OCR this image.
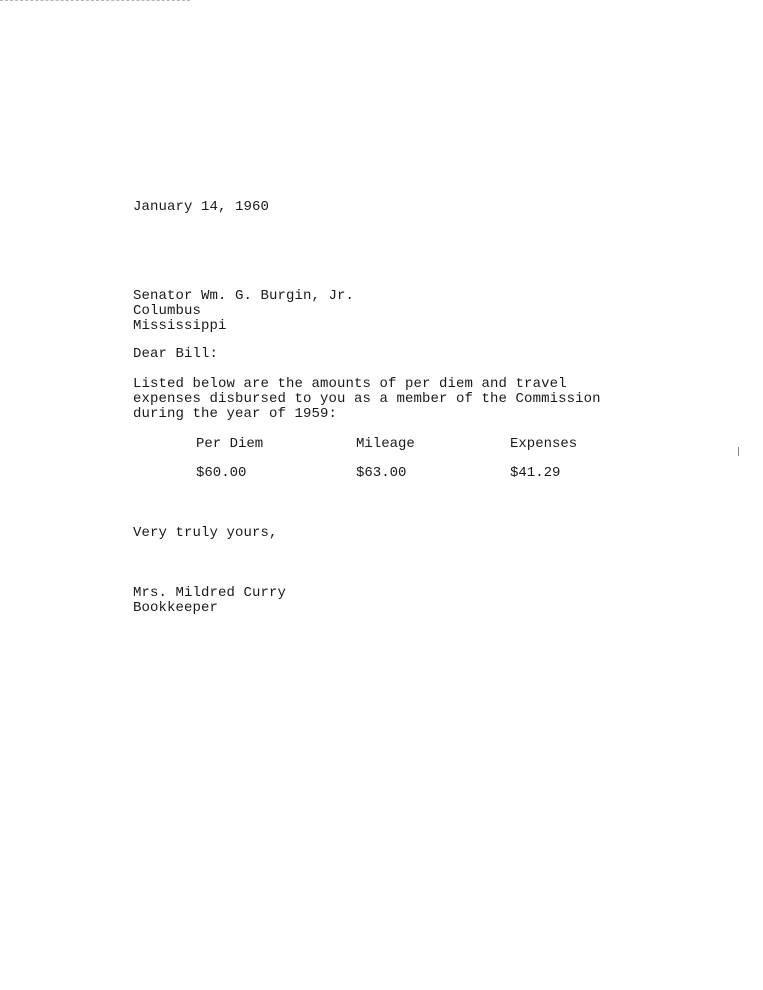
January 14, 1960
Senator Wm. G. Burgin, Jr.
Columbus
Mississippi
Dear Bill:
Listed below are the amounts of per diem and travel
expenses disbursed to you as a member of the Commission
during the year of 1959:
Per Diem	Mileage	Expenses
$60.00	$63.00	$41.29
Very truly yours,
Mrs. Mildred Curry
Bookkeeper
